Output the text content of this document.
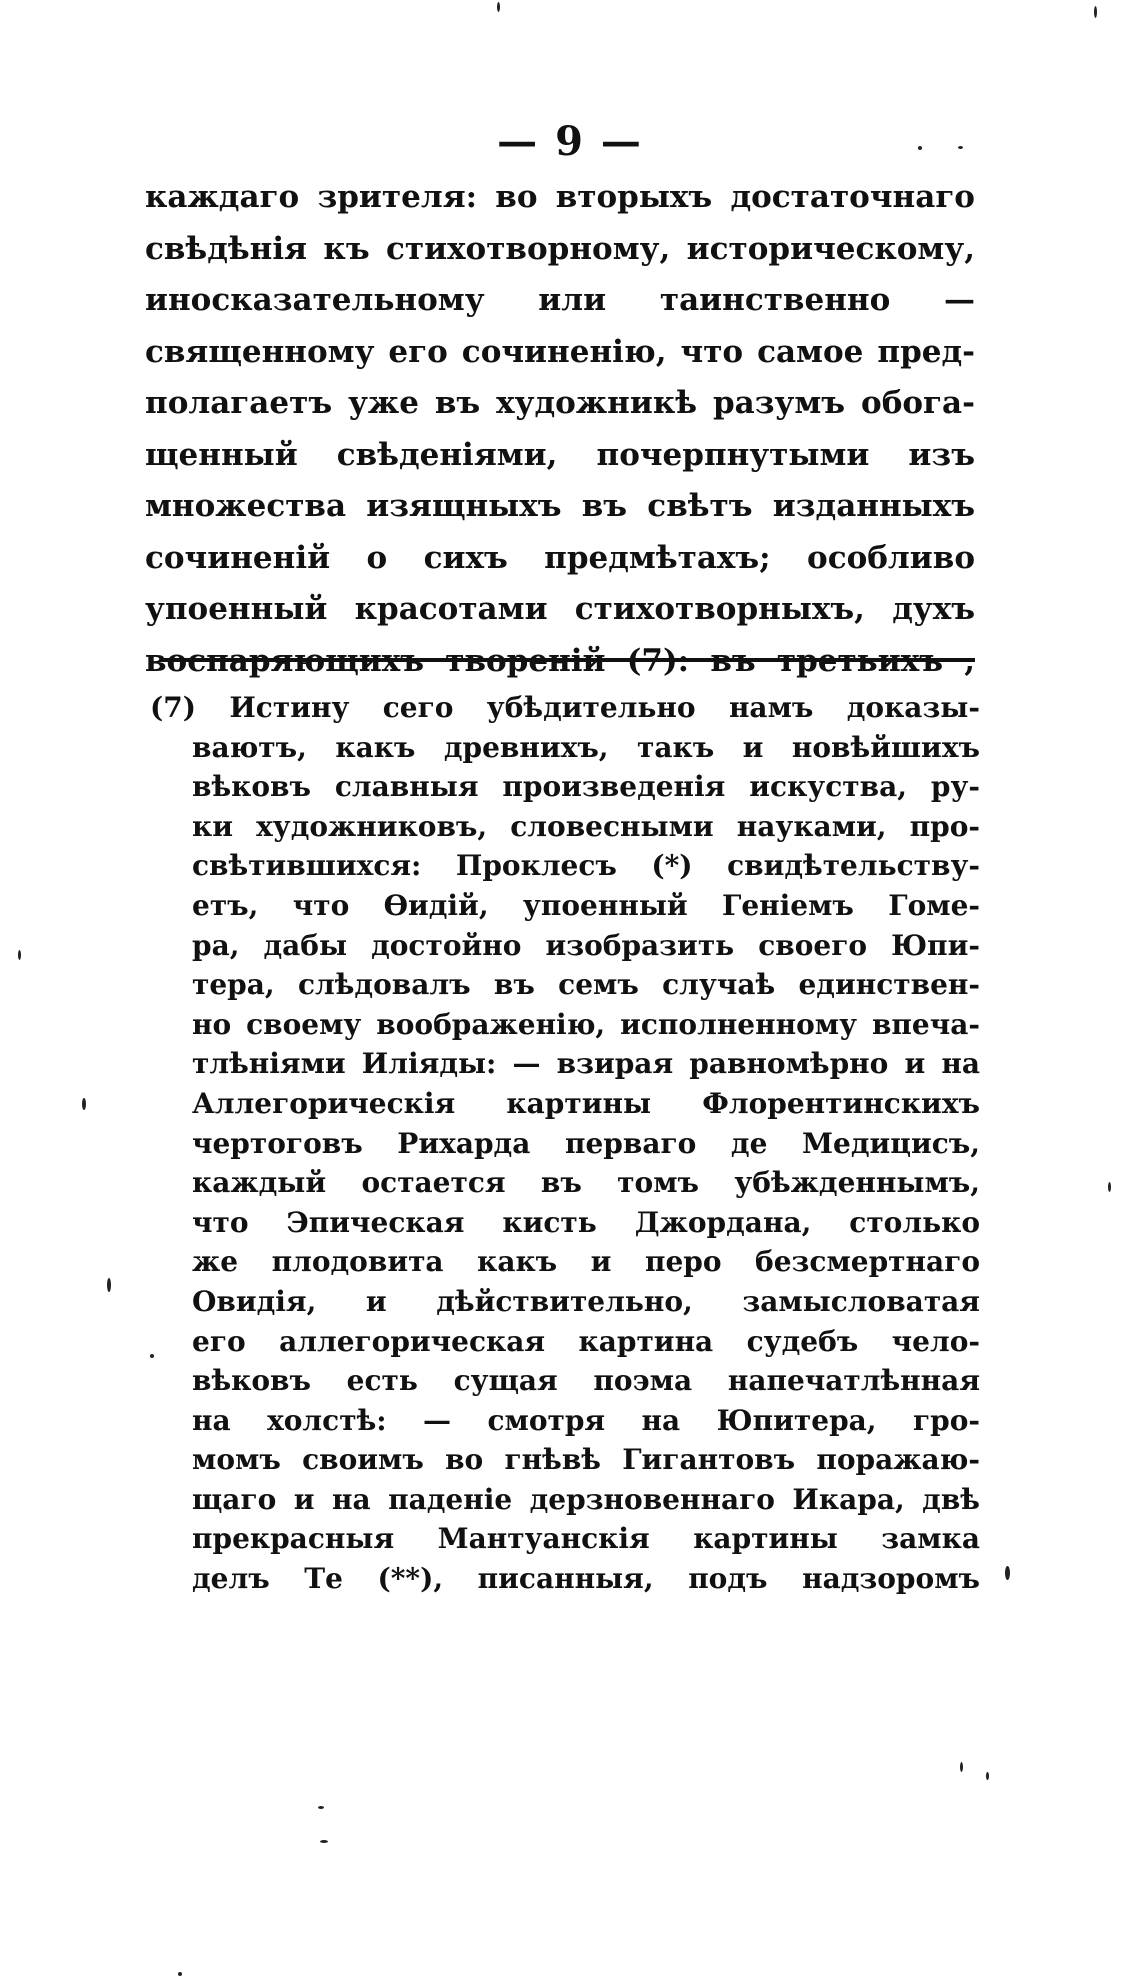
— 9 —
каждаго зрителя: во вторыхъ достаточнаго
свѣдѣнія къ стихотворному, историческому,
иносказательному или таинственно —
священному его сочиненію, что самое пред-
полагаетъ уже въ художникѣ разумъ обога-
щенный свѣденіями, почерпнутыми изъ
множества изящныхъ въ свѣтъ изданныхъ
сочиненій о сихъ предмѣтахъ; особливо
упоенный красотами стихотворныхъ, духъ
воспаряющихъ твореній (7): въ третьихъ ,
(7) Истину сего убѣдительно намъ доказы-
ваютъ, какъ древнихъ, такъ и новѣйшихъ
вѣковъ славныя произведенія искуства, ру-
ки художниковъ, словесными науками, про-
свѣтившихся: Проклесъ (*) свидѣтельству-
етъ, что Ѳидій, упоенный Геніемъ Гоме-
ра, дабы достойно изобразить своего Юпи-
тера, слѣдовалъ въ семъ случаѣ единствен-
но своему воображенію, исполненному впеча-
тлѣніями Иліяды: — взирая равномѣрно и на
Аллегорическія картины Флорентинскихъ
чертоговъ Рихарда перваго де Медицисъ,
каждый остается въ томъ убѣжденнымъ,
что Эпическая кисть Джордана, столько
же плодовита какъ и перо безсмертнаго
Овидія, и дѣйствительно, замысловатая
его аллегорическая картина судебъ чело-
вѣковъ есть сущая поэма напечатлѣнная
на холстѣ: — смотря на Юпитера, гро-
момъ своимъ во гнѣвѣ Гигантовъ поражаю-
щаго и на паденіе дерзновеннаго Икара, двѣ
прекрасныя Мантуанскія картины замка
делъ Те (**), писанныя, подъ надзоромъ
